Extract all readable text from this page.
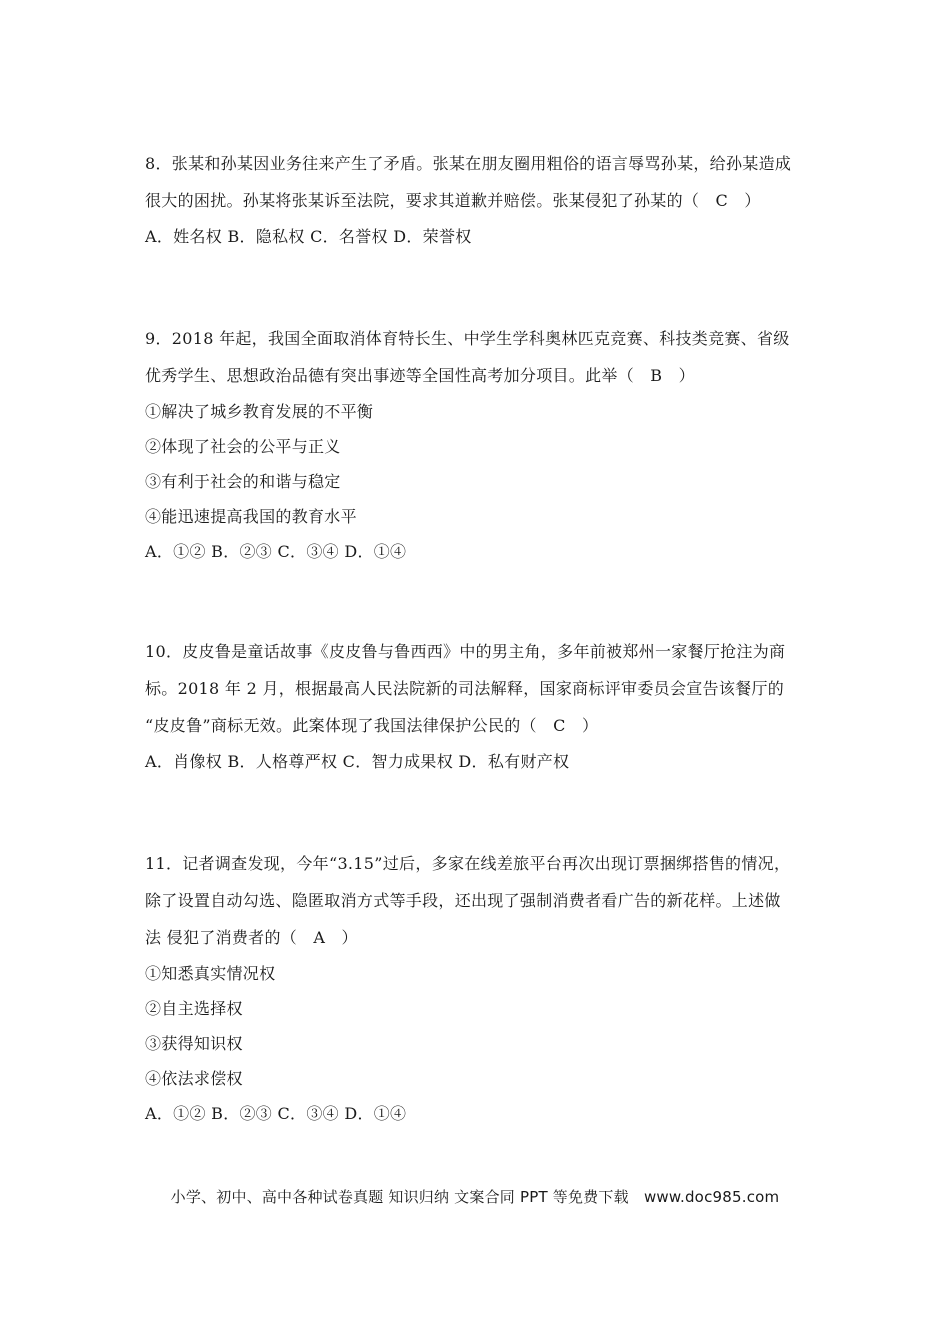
8．张某和孙某因业务往来产生了矛盾。张某在朋友圈用粗俗的语言辱骂孙某，给孙某造成
很大的困扰。孙某将张某诉至法院，要求其道歉并赔偿。张某侵犯了孙某的（　C　）
A．姓名权 B．隐私权 C．名誉权 D．荣誉权
9．2018 年起，我国全面取消体育特长生、中学生学科奥林匹克竞赛、科技类竞赛、省级
优秀学生、思想政治品德有突出事迹等全国性高考加分项目。此举（　B　）
①解决了城乡教育发展的不平衡
②体现了社会的公平与正义
③有利于社会的和谐与稳定
④能迅速提高我国的教育水平
A．①② B．②③ C．③④ D．①④
10．皮皮鲁是童话故事《皮皮鲁与鲁西西》中的男主角，多年前被郑州一家餐厅抢注为商
标。2018 年 2 月，根据最高人民法院新的司法解释，国家商标评审委员会宣告该餐厅的
“皮皮鲁”商标无效。此案体现了我国法律保护公民的（　C　）
A．肖像权 B．人格尊严权 C．智力成果权 D．私有财产权
11．记者调查发现，今年“3.15”过后，多家在线差旅平台再次出现订票捆绑搭售的情况，
除了设置自动勾选、隐匿取消方式等手段，还出现了强制消费者看广告的新花样。上述做
法 侵犯了消费者的（　A　）
①知悉真实情况权
②自主选择权
③获得知识权
④依法求偿权
A．①② B．②③ C．③④ D．①④
小学、初中、高中各种试卷真题 知识归纳 文案合同 PPT 等免费下载　www.doc985.com
